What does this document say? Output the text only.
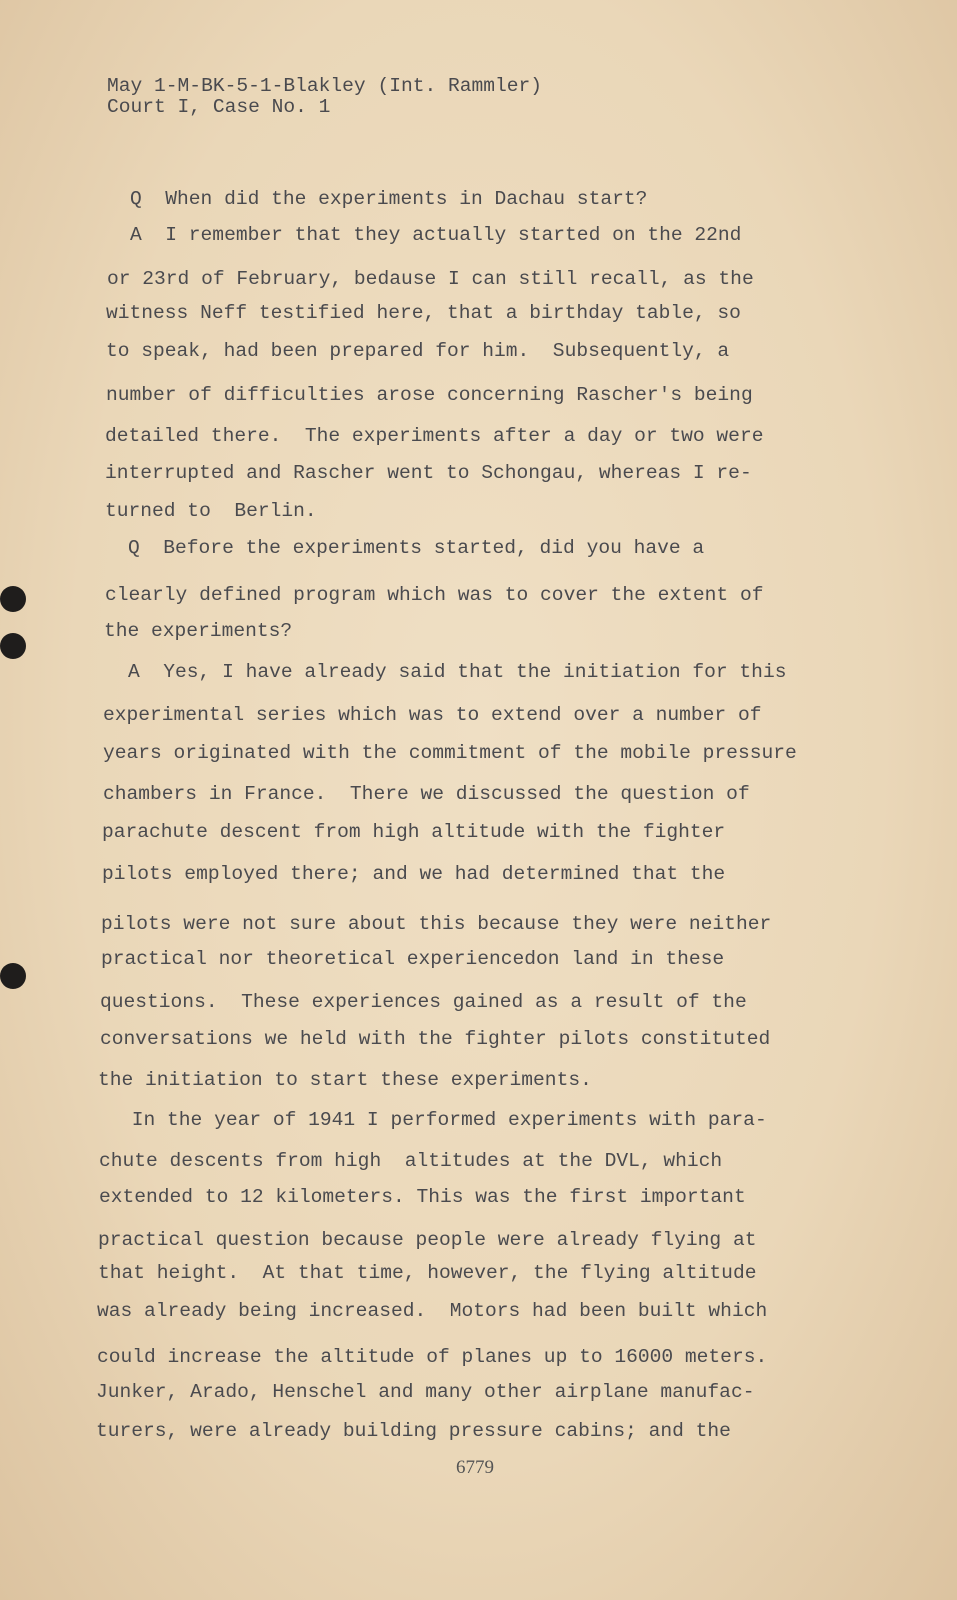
May 1-M-BK-5-1-Blakley (Int. Rammler)
Court I, Case No. 1
Q  When did the experiments in Dachau start?
A  I remember that they actually started on the 22nd
or 23rd of February, bedause I can still recall, as the
witness Neff testified here, that a birthday table, so
to speak, had been prepared for him.  Subsequently, a
number of difficulties arose concerning Rascher's being
detailed there.  The experiments after a day or two were
interrupted and Rascher went to Schongau, whereas I re-
turned to  Berlin.
Q  Before the experiments started, did you have a
clearly defined program which was to cover the extent of
the experiments?
A  Yes, I have already said that the initiation for this
experimental series which was to extend over a number of
years originated with the commitment of the mobile pressure
chambers in France.  There we discussed the question of
parachute descent from high altitude with the fighter
pilots employed there; and we had determined that the
pilots were not sure about this because they were neither
practical nor theoretical experiencedon land in these
questions.  These experiences gained as a result of the
conversations we held with the fighter pilots constituted
the initiation to start these experiments.
In the year of 1941 I performed experiments with para-
chute descents from high  altitudes at the DVL, which
extended to 12 kilometers. This was the first important
practical question because people were already flying at
that height.  At that time, however, the flying altitude
was already being increased.  Motors had been built which
could increase the altitude of planes up to 16000 meters.
Junker, Arado, Henschel and many other airplane manufac-
turers, were already building pressure cabins; and the
6779
